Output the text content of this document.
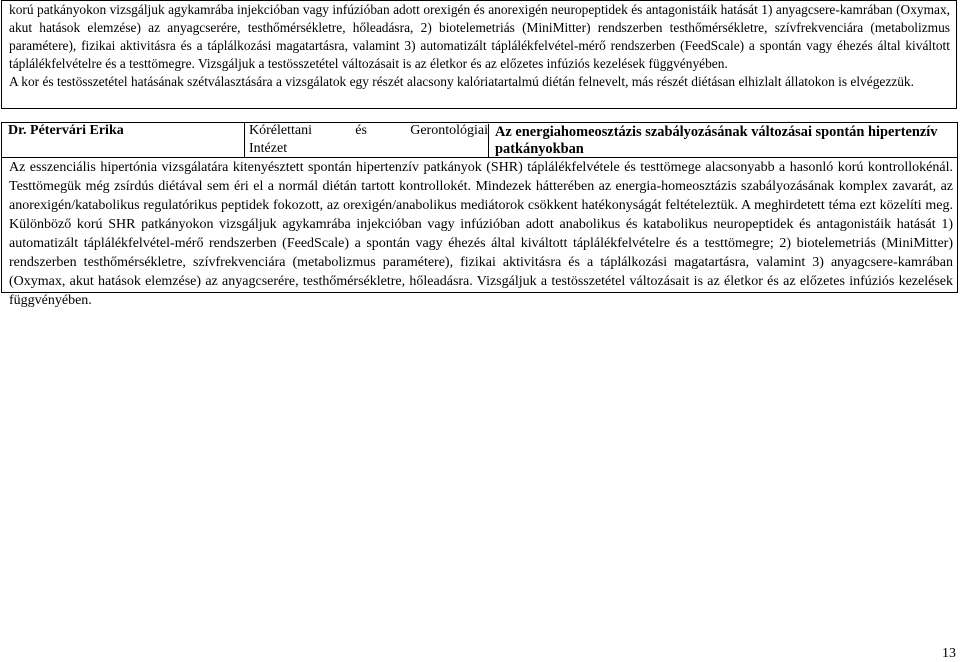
korú patkányokon vizsgáljuk agykamrába injekcióban vagy infúzióban adott orexigén és anorexigén neuropeptidek és antagonistáik hatását 1) anyagcsere-kamrában (Oxymax, akut hatások elemzése) az anyagcserére, testhőmérsékletre, hőleadásra, 2) biotelemetriás (MiniMitter) rendszerben testhőmérsékletre, szívfrekvenciára (metabolizmus paramétere), fizikai aktivitásra és a táplálkozási magatartásra, valamint 3) automatizált táplálékfelvétel-mérő rendszerben (FeedScale) a spontán vagy éhezés által kiváltott táplálékfelvételre és a testtömegre. Vizsgáljuk a testösszetétel változásait is az életkor és az előzetes infúziós kezelések függvényében.
A kor és testösszetétel hatásának szétválasztására a vizsgálatok egy részét alacsony kalóriatartalmú diétán felnevelt, más részét diétásan elhizlalt állatokon is elvégezzük.
Dr. Pétervári Erika	Kórélettani és Gerontológiai
Intézet
Az energiahomeosztázis szabályozásának változásai spontán hipertenzív patkányokban
Az esszenciális hipertónia vizsgálatára kitenyésztett spontán hipertenzív patkányok (SHR) táplálékfelvétele és testtömege alacsonyabb a hasonló korú kontrollokénál. Testtömegük még zsírdús diétával sem éri el a normál diétán tartott kontrollokét. Mindezek hátterében az energia-homeosztázis szabályozásának komplex zavarát, az anorexigén/katabolikus regulatórikus peptidek fokozott, az orexigén/anabolikus mediátorok csökkent hatékonyságát feltételeztük. A meghirdetett téma ezt közelíti meg. Különböző korú SHR patkányokon vizsgáljuk agykamrába injekcióban vagy infúzióban adott anabolikus és katabolikus neuropeptidek és antagonistáik hatását 1) automatizált táplálékfelvétel-mérő rendszerben (FeedScale) a spontán vagy éhezés által kiváltott táplálékfelvételre és a testtömegre; 2) biotelemetriás (MiniMitter) rendszerben testhőmérsékletre, szívfrekvenciára (metabolizmus paramétere), fizikai aktivitásra és a táplálkozási magatartásra, valamint 3) anyagcsere-kamrában (Oxymax, akut hatások elemzése) az anyagcserére, testhőmérsékletre, hőleadásra. Vizsgáljuk a testösszetétel változásait is az életkor és az előzetes infúziós kezelések függvényében.
13
